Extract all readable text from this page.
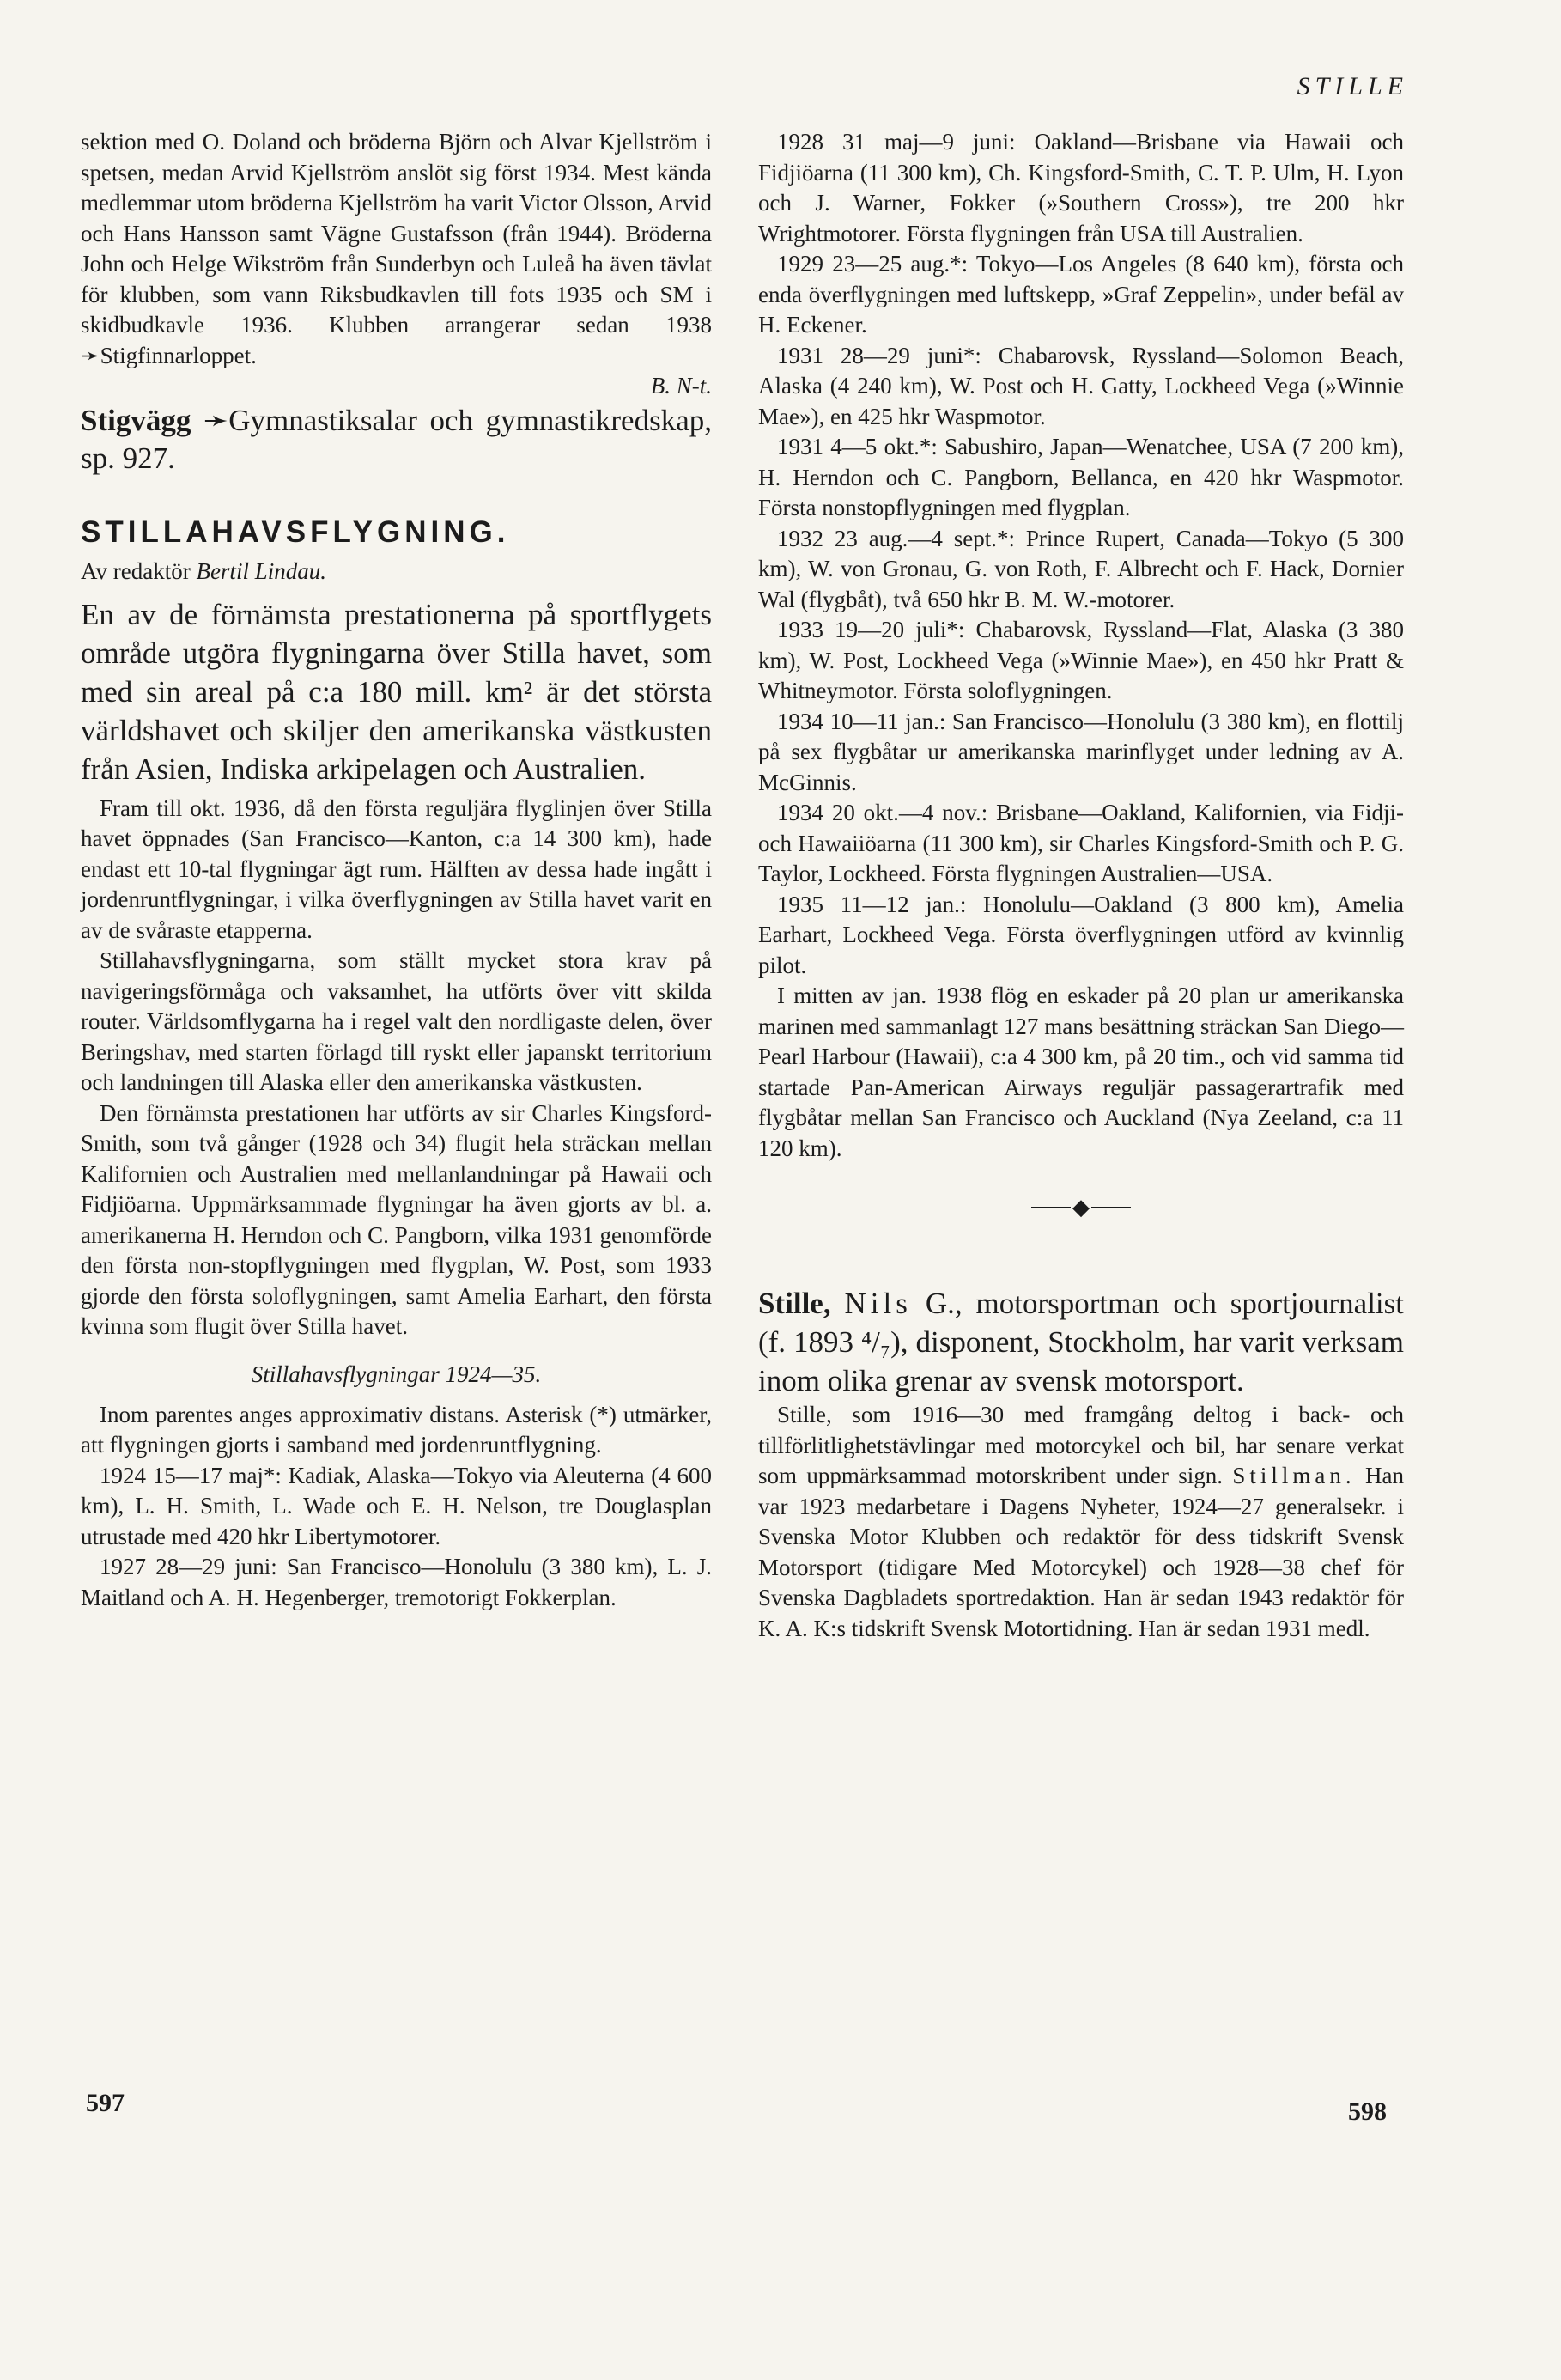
STILLE

sektion med O. Doland och bröderna Björn och Alvar Kjellström i spetsen, medan Arvid Kjellström anslöt sig först 1934. Mest kända medlemmar utom bröderna Kjellström ha varit Victor Olsson, Arvid och Hans Hansson samt Vägne Gustafsson (från 1944). Bröderna John och Helge Wikström från Sunderbyn och Luleå ha även tävlat för klubben, som vann Riksbudkavlen till fots 1935 och SM i skidbudkavle 1936. Klubben arrangerar sedan 1938 ➛Stigfinnarloppet.
B. N-t.

Stigvägg ➛Gymnastiksalar och gymnastikredskap, sp. 927.

STILLAHAVSFLYGNING.
Av redaktör Bertil Lindau.

En av de förnämsta prestationerna på sportflygets område utgöra flygningarna över Stilla havet, som med sin areal på c:a 180 mill. km² är det största världshavet och skiljer den amerikanska västkusten från Asien, Indiska arkipelagen och Australien.

Fram till okt. 1936, då den första reguljära flyglinjen över Stilla havet öppnades (San Francisco—Kanton, c:a 14 300 km), hade endast ett 10-tal flygningar ägt rum. Hälften av dessa hade ingått i jordenruntflygningar, i vilka överflygningen av Stilla havet varit en av de svåraste etapperna.

Stillahavsflygningarna, som ställt mycket stora krav på navigeringsförmåga och vaksamhet, ha utförts över vitt skilda router. Världsomflygarna ha i regel valt den nordligaste delen, över Beringshav, med starten förlagd till ryskt eller japanskt territorium och landningen till Alaska eller den amerikanska västkusten.

Den förnämsta prestationen har utförts av sir Charles Kingsford-Smith, som två gånger (1928 och 34) flugit hela sträckan mellan Kalifornien och Australien med mellanlandningar på Hawaii och Fidjiöarna. Uppmärksammade flygningar ha även gjorts av bl. a. amerikanerna H. Herndon och C. Pangborn, vilka 1931 genomförde den första non-stopflygningen med flygplan, W. Post, som 1933 gjorde den första soloflygningen, samt Amelia Earhart, den första kvinna som flugit över Stilla havet.

Stillahavsflygningar 1924—35.

Inom parentes anges approximativ distans. Asterisk (*) utmärker, att flygningen gjorts i samband med jordenruntflygning.

1924 15—17 maj*: Kadiak, Alaska—Tokyo via Aleuterna (4 600 km), L. H. Smith, L. Wade och E. H. Nelson, tre Douglasplan utrustade med 420 hkr Libertymotorer.

1927 28—29 juni: San Francisco—Honolulu (3 380 km), L. J. Maitland och A. H. Hegenberger, tremotorigt Fokkerplan.

1928 31 maj—9 juni: Oakland—Brisbane via Hawaii och Fidjiöarna (11 300 km), Ch. Kingsford-Smith, C. T. P. Ulm, H. Lyon och J. Warner, Fokker (»Southern Cross»), tre 200 hkr Wrightmotorer. Första flygningen från USA till Australien.

1929 23—25 aug.*: Tokyo—Los Angeles (8 640 km), första och enda överflygningen med luftskepp, »Graf Zeppelin», under befäl av H. Eckener.

1931 28—29 juni*: Chabarovsk, Ryssland—Solomon Beach, Alaska (4 240 km), W. Post och H. Gatty, Lockheed Vega (»Winnie Mae»), en 425 hkr Waspmotor.

1931 4—5 okt.*: Sabushiro, Japan—Wenatchee, USA (7 200 km), H. Herndon och C. Pangborn, Bellanca, en 420 hkr Waspmotor. Första nonstopflygningen med flygplan.

1932 23 aug.—4 sept.*: Prince Rupert, Canada—Tokyo (5 300 km), W. von Gronau, G. von Roth, F. Albrecht och F. Hack, Dornier Wal (flygbåt), två 650 hkr B. M. W.-motorer.

1933 19—20 juli*: Chabarovsk, Ryssland—Flat, Alaska (3 380 km), W. Post, Lockheed Vega (»Winnie Mae»), en 450 hkr Pratt & Whitneymotor. Första soloflygningen.

1934 10—11 jan.: San Francisco—Honolulu (3 380 km), en flottilj på sex flygbåtar ur amerikanska marinflyget under ledning av A. McGinnis.

1934 20 okt.—4 nov.: Brisbane—Oakland, Kalifornien, via Fidji- och Hawaiiöarna (11 300 km), sir Charles Kingsford-Smith och P. G. Taylor, Lockheed. Första flygningen Australien—USA.

1935 11—12 jan.: Honolulu—Oakland (3 800 km), Amelia Earhart, Lockheed Vega. Första överflygningen utförd av kvinnlig pilot.

I mitten av jan. 1938 flög en eskader på 20 plan ur amerikanska marinen med sammanlagt 127 mans besättning sträckan San Diego—Pearl Harbour (Hawaii), c:a 4 300 km, på 20 tim., och vid samma tid startade Pan-American Airways reguljär passagerartrafik med flygbåtar mellan San Francisco och Auckland (Nya Zeeland, c:a 11 120 km).

◆

Stille, Nils G., motorsportman och sportjournalist (f. 1893 ⁴/₇), disponent, Stockholm, har varit verksam inom olika grenar av svensk motorsport.

Stille, som 1916—30 med framgång deltog i back- och tillförlitlighetstävlingar med motorcykel och bil, har senare verkat som uppmärksammad motorskribent under sign. Stillman. Han var 1923 medarbetare i Dagens Nyheter, 1924—27 generalsekr. i Svenska Motor Klubben och redaktör för dess tidskrift Svensk Motorsport (tidigare Med Motorcykel) och 1928—38 chef för Svenska Dagbladets sportredaktion. Han är sedan 1943 redaktör för K. A. K:s tidskrift Svensk Motortidning. Han är sedan 1931 medl.

597	598
